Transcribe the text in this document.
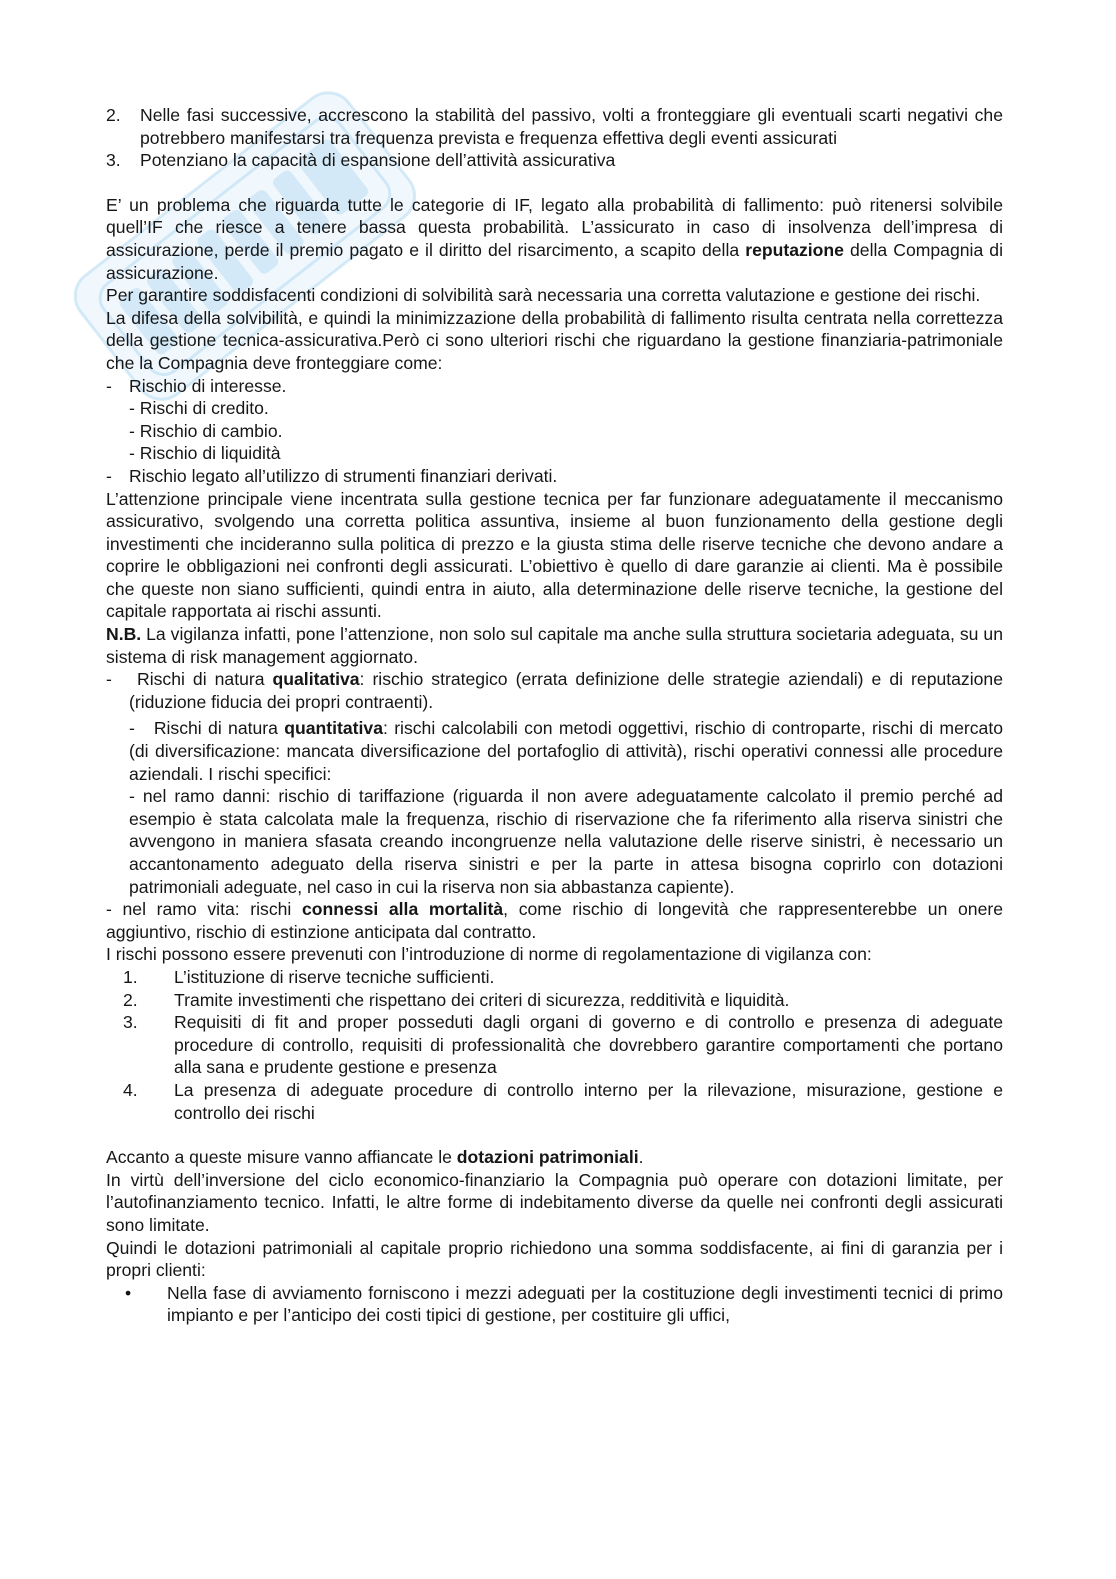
2. Nelle fasi successive, accrescono la stabilità del passivo, volti a fronteggiare gli eventuali scarti negativi che potrebbero manifestarsi tra frequenza prevista e frequenza effettiva degli eventi assicurati

3. Potenziano la capacità di espansione dell’attività assicurativa

E’ un problema che riguarda tutte le categorie di IF, legato alla probabilità di fallimento: può ritenersi solvibile quell’IF che riesce a tenere bassa questa probabilità. L’assicurato in caso di insolvenza dell’impresa di assicurazione, perde il premio pagato e il diritto del risarcimento, a scapito della reputazione della Compagnia di assicurazione.

Per garantire soddisfacenti condizioni di solvibilità sarà necessaria una corretta valutazione e gestione dei rischi.

La difesa della solvibilità, e quindi la minimizzazione della probabilità di fallimento risulta centrata nella correttezza della gestione tecnica-assicurativa.Però ci sono ulteriori rischi che riguardano la gestione finanziaria-patrimoniale che la Compagnia deve fronteggiare come:

- Rischio di interesse.

- Rischi di credito.

- Rischio di cambio.

- Rischio di liquidità

- Rischio legato all’utilizzo di strumenti finanziari derivati.

L’attenzione principale viene incentrata sulla gestione tecnica per far funzionare adeguatamente il meccanismo assicurativo, svolgendo una corretta politica assuntiva, insieme al buon funzionamento della gestione degli investimenti che incideranno sulla politica di prezzo e la giusta stima delle riserve tecniche che devono andare a coprire le obbligazioni nei confronti degli assicurati. L’obiettivo è quello di dare garanzie ai clienti. Ma è possibile che queste non siano sufficienti, quindi entra in aiuto, alla determinazione delle riserve tecniche, la gestione del capitale rapportata ai rischi assunti.

N.B. La vigilanza infatti, pone l’attenzione, non solo sul capitale ma anche sulla struttura societaria adeguata, su un sistema di risk management aggiornato.

-	Rischi di natura qualitativa: rischio strategico (errata definizione delle strategie aziendali) e di reputazione (riduzione fiducia dei propri contraenti).

- Rischi di natura quantitativa: rischi calcolabili con metodi oggettivi, rischio di controparte, rischi di mercato (di diversificazione: mancata diversificazione del portafoglio di attività), rischi operativi connessi alle procedure aziendali. I rischi specifici:

- nel ramo danni: rischio di tariffazione (riguarda il non avere adeguatamente calcolato il premio perché ad esempio è stata calcolata male la frequenza, rischio di riservazione che fa riferimento alla riserva sinistri che avvengono in maniera sfasata creando incongruenze nella valutazione delle riserve sinistri, è necessario un accantonamento adeguato della riserva sinistri e per la parte in attesa bisogna coprirlo con dotazioni patrimoniali adeguate, nel caso in cui la riserva non sia abbastanza capiente).

- nel ramo vita: rischi connessi alla mortalità, come rischio di longevità che rappresenterebbe un onere aggiuntivo, rischio di estinzione anticipata dal contratto.

I rischi possono essere prevenuti con l’introduzione di norme di regolamentazione di vigilanza con:

1. L’istituzione di riserve tecniche sufficienti.

2. Tramite investimenti che rispettano dei criteri di sicurezza, redditività e liquidità.

3. Requisiti di fit and proper posseduti dagli organi di governo e di controllo e presenza di adeguate procedure di controllo, requisiti di professionalità che dovrebbero garantire comportamenti che portano alla sana e prudente gestione e presenza

4. La presenza di adeguate procedure di controllo interno per la rilevazione, misurazione, gestione e controllo dei rischi

Accanto a queste misure vanno affiancate le dotazioni patrimoniali.

In virtù dell’inversione del ciclo economico-finanziario la Compagnia può operare con dotazioni limitate, per l’autofinanziamento tecnico. Infatti, le altre forme di indebitamento diverse da quelle nei confronti degli assicurati sono limitate.

Quindi le dotazioni patrimoniali al capitale proprio richiedono una somma soddisfacente, ai fini di garanzia per i propri clienti:

• Nella fase di avviamento forniscono i mezzi adeguati per la costituzione degli investimenti tecnici di primo impianto e per l’anticipo dei costi tipici di gestione, per costituire gli uffici,
